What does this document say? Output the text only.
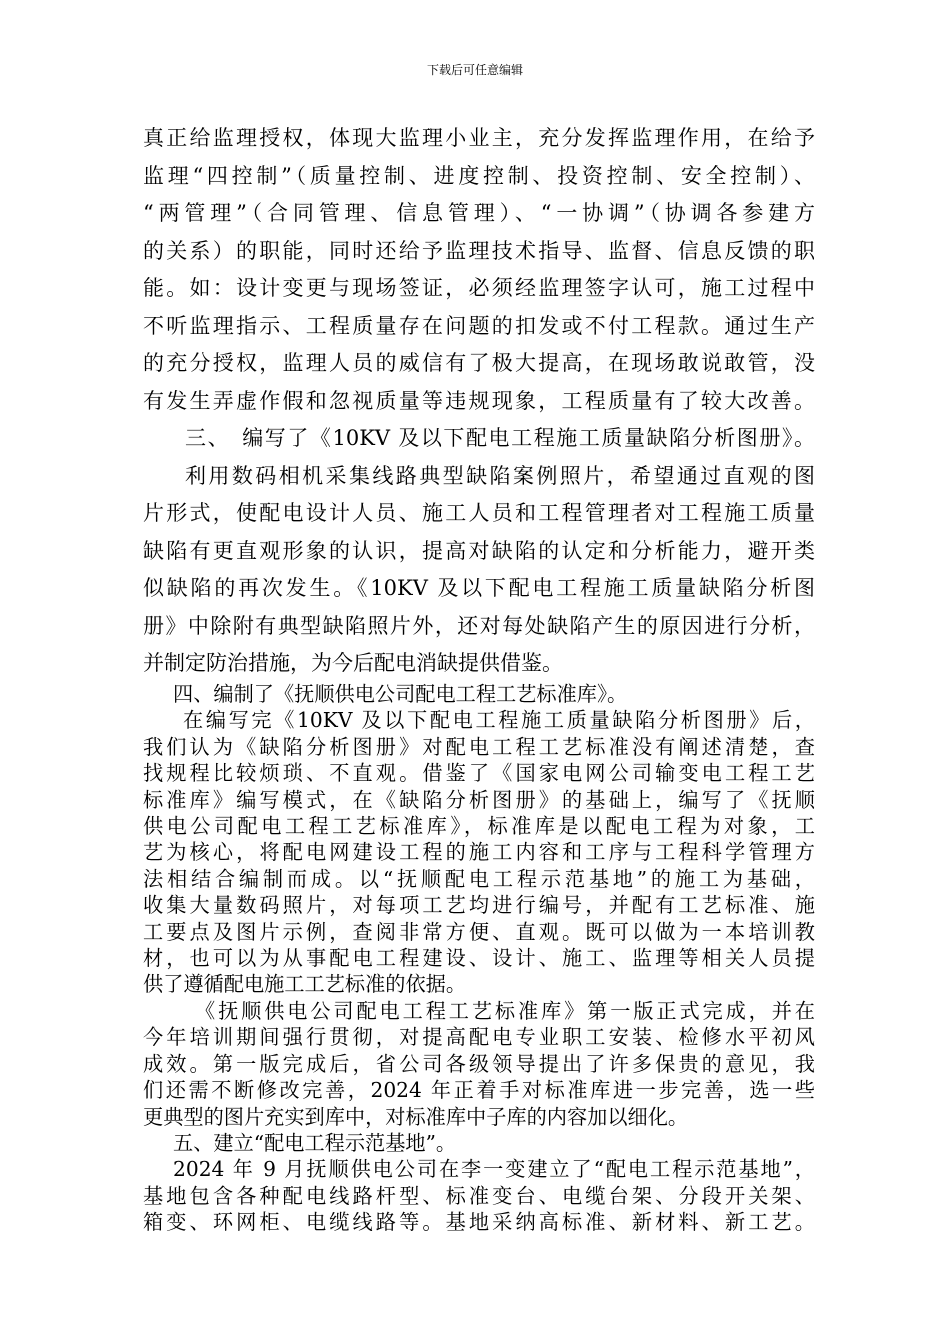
下载后可任意编辑

真正给监理授权，体现大监理小业主，充分发挥监理作用，在给予

监理“四控制”（质量控制、进度控制、投资控制、安全控制）、

“两管理”（合同管理、信息管理）、“一协调”（协调各参建方

的关系）的职能，同时还给予监理技术指导、监督、信息反馈的职

能。如：设计变更与现场签证，必须经监理签字认可，施工过程中

不听监理指示、工程质量存在问题的扣发或不付工程款。通过生产

的充分授权，监理人员的威信有了极大提高，在现场敢说敢管，没

有发生弄虚作假和忽视质量等违规现象，工程质量有了较大改善。

三、　编写了《10KV 及以下配电工程施工质量缺陷分析图册》。

利用数码相机采集线路典型缺陷案例照片，希望通过直观的图

片形式，使配电设计人员、施工人员和工程管理者对工程施工质量

缺陷有更直观形象的认识，提高对缺陷的认定和分析能力，避开类

似缺陷的再次发生。《10KV 及以下配电工程施工质量缺陷分析图

册》中除附有典型缺陷照片外，还对每处缺陷产生的原因进行分析，

并制定防治措施，为今后配电消缺提供借鉴。

四、编制了《抚顺供电公司配电工程工艺标准库》。

在编写完《10KV 及以下配电工程施工质量缺陷分析图册》后，

我们认为《缺陷分析图册》对配电工程工艺标准没有阐述清楚，查

找规程比较烦琐、不直观。借鉴了《国家电网公司输变电工程工艺

标准库》编写模式，在《缺陷分析图册》的基础上，编写了《抚顺

供电公司配电工程工艺标准库》，标准库是以配电工程为对象，工

艺为核心，将配电网建设工程的施工内容和工序与工程科学管理方

法相结合编制而成。以“抚顺配电工程示范基地”的施工为基础，

收集大量数码照片，对每项工艺均进行编号，并配有工艺标准、施

工要点及图片示例，查阅非常方便、直观。既可以做为一本培训教

材，也可以为从事配电工程建设、设计、施工、监理等相关人员提

供了遵循配电施工工艺标准的依据。

《抚顺供电公司配电工程工艺标准库》第一版正式完成，并在

今年培训期间强行贯彻，对提高配电专业职工安装、检修水平初风

成效。第一版完成后，省公司各级领导提出了许多保贵的意见，我

们还需不断修改完善，2024 年正着手对标准库进一步完善，选一些

更典型的图片充实到库中，对标准库中子库的内容加以细化。

五、建立“配电工程示范基地”。

2024 年 9 月抚顺供电公司在李一变建立了“配电工程示范基地”，

基地包含各种配电线路杆型、标准变台、电缆台架、分段开关架、

箱变、环网柜、电缆线路等。基地采纳高标准、新材料、新工艺。
